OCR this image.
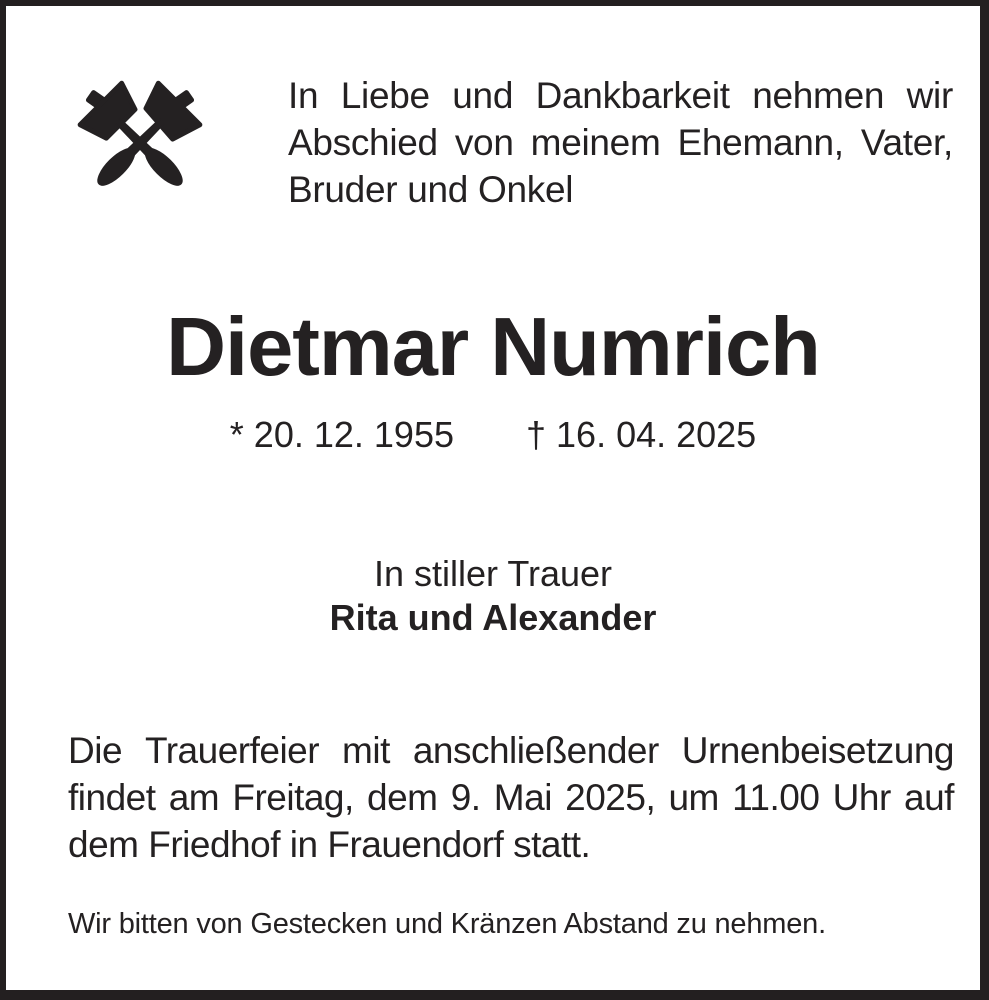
In Liebe und Dankbarkeit nehmen wir
Abschied von meinem Ehemann, Vater,
Bruder und Onkel
Dietmar Numrich
* 20. 12. 1955 † 16. 04. 2025
In stiller Trauer
Rita und Alexander
Die Trauerfeier mit anschließender Urnenbeisetzung
findet am Freitag, dem 9. Mai 2025, um 11.00 Uhr auf
dem Friedhof in Frauendorf statt.
Wir bitten von Gestecken und Kränzen Abstand zu nehmen.
